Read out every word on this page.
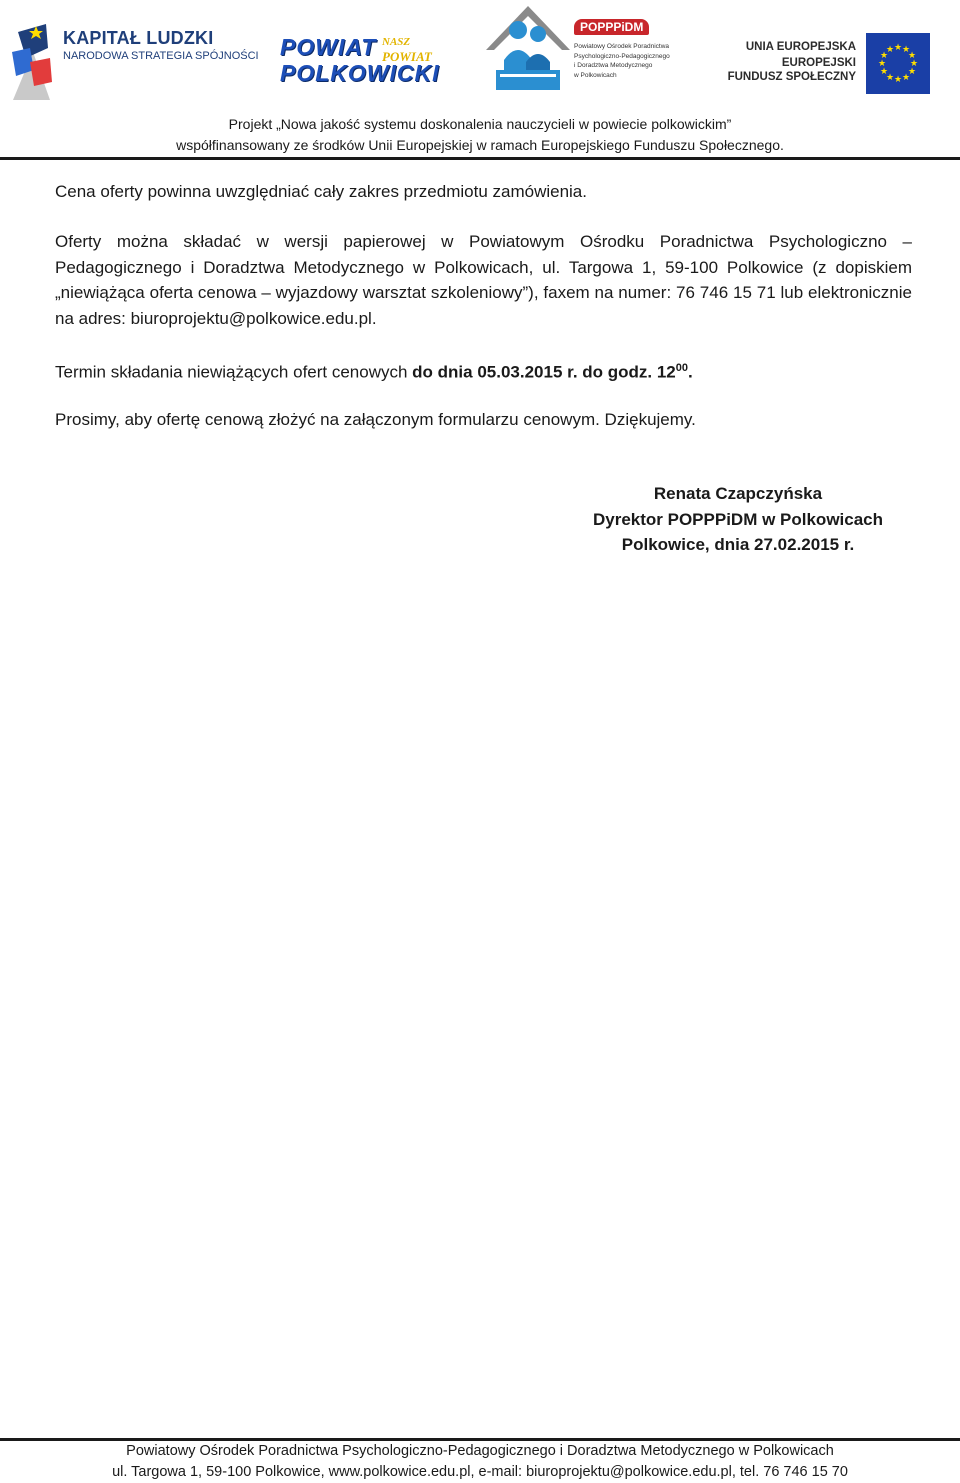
KAPITAŁ LUDZKI
NARODOWA STRATEGIA SPÓJNOŚCI POWIAT
POLKOWICKI
NASZ
POWIAT
POPPPiDM
Powiatowy Ośrodek Poradnictwa
Psychologiczno-Pedagogicznego
i Doradztwa Metodycznego
w Polkowicach
UNIA EUROPEJSKA
EUROPEJSKI
FUNDUSZ SPOŁECZNY
★ ★
★
★
★
★
★
★
★
★
★
★
Projekt „Nowa jakość systemu doskonalenia nauczycieli w powiecie polkowickim”
współfinansowany ze środków Unii Europejskiej w ramach Europejskiego Funduszu Społecznego.
Cena oferty powinna uwzględniać cały zakres przedmiotu zamówienia.
Oferty można składać w wersji papierowej w Powiatowym Ośrodku Poradnictwa Psychologiczno – Pedagogicznego i Doradztwa Metodycznego w Polkowicach, ul. Targowa 1, 59-100 Polkowice (z dopiskiem „niewiążąca oferta cenowa – wyjazdowy warsztat szkoleniowy”), faxem na numer: 76 746 15 71 lub elektronicznie na adres: biuroprojektu@polkowice.edu.pl.
Termin składania niewiążących ofert cenowych do dnia 05.03.2015 r. do godz. $12^{00}$.
Prosimy, aby ofertę cenową złożyć na załączonym formularzu cenowym. Dziękujemy.
Renata Czapczyńska
Dyrektor POPPPiDM w Polkowicach
Polkowice, dnia 27.02.2015 r.
Powiatowy Ośrodek Poradnictwa Psychologiczno-Pedagogicznego i Doradztwa Metodycznego w Polkowicach
ul. Targowa 1, 59-100 Polkowice, www.polkowice.edu.pl, e-mail: biuroprojektu@polkowice.edu.pl, tel. 76 746 15 70
